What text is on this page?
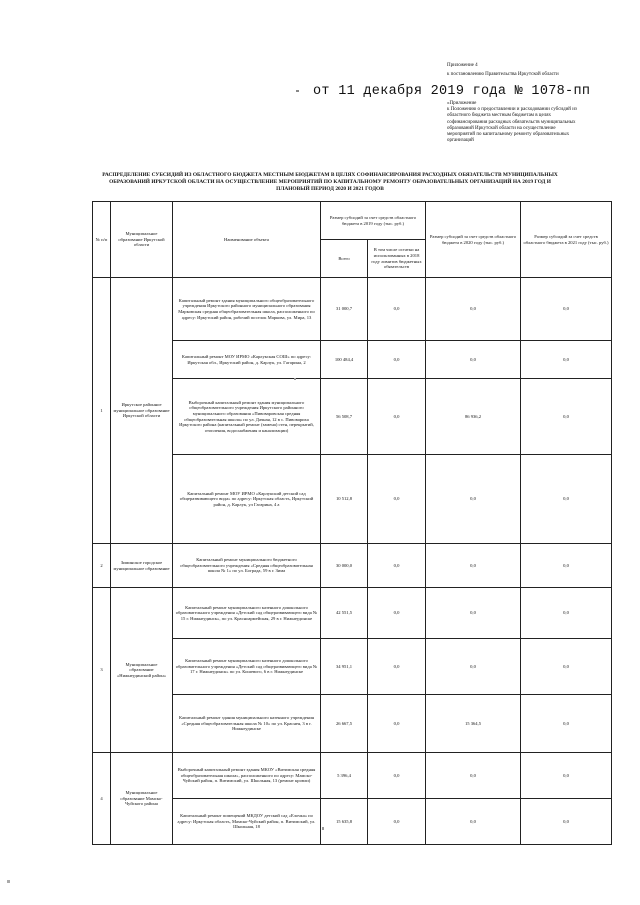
Приложение 4
к постановлению Правительства Иркутской области
от 11 декабря 2019 года № 1078-пп
«Приложение
к Положению о предоставлении и расходовании субсидий из
областного бюджета местным бюджетам в целях
софинансирования расходных обязательств муниципальных
образований Иркутской области на осуществление
мероприятий по капитальному ремонту образовательных
организаций
РАСПРЕДЕЛЕНИЕ СУБСИДИЙ ИЗ ОБЛАСТНОГО БЮДЖЕТА МЕСТНЫМ БЮДЖЕТАМ В ЦЕЛЯХ СОФИНАНСИРОВАНИЯ РАСХОДНЫХ ОБЯЗАТЕЛЬСТВ МУНИЦИПАЛЬНЫХ
ОБРАЗОВАНИЙ ИРКУТСКОЙ ОБЛАСТИ НА ОСУЩЕСТВЛЕНИЕ МЕРОПРИЯТИЙ ПО КАПИТАЛЬНОМУ РЕМОНТУ ОБРАЗОВАТЕЛЬНЫХ ОРГАНИЗАЦИЙ НА 2019 ГОД И
ПЛАНОВЫЙ ПЕРИОД 2020 И 2021 ГОДОВ
№ п/п	Муниципальное образование Иркутской области	Наименование объекта	Размер субсидий за счет средств областного бюджета в 2019 году (тыс. руб.)		Размер субсидий за счет средств областного бюджета в 2020 году (тыс. руб.)	Размер субсидий за счет средств областного бюджета в 2021 году (тыс. руб.)
			Всего	В том числе остатки на использованных в 2018 году лимитов бюджетных обязательств		
1	Иркутское районное муниципальное образование Иркутской области	Капитальный ремонт здания муниципального общеобразовательного учреждения Иркутского районного муниципального образования Марковская средняя общеобразовательная школа, расположенного по адресу: Иркутский район, рабочий поселок Маркова, ул. Мира, 13	31 000,7	0,0	0,0	0,0
		Капитальный ремонт МОУ ИРМО «Карлукская СОШ» по адресу: Иркутская обл., Иркутский район, д. Карлук, ул. Гагарина, 2	100 484,4	0,0	0,0	0,0
		Выборочный капитальный ремонт здания муниципального общеобразовательного учреждения Иркутского районного муниципального образования «Пивоваровская средняя общеобразовательная школа» по ул. Дачная, 12 в с. Пивовариха Иркутского района (капитальный ремонт (замена) стен, перекрытий, отопления, водоснабжения и канализации)	56 508,7	0,0	86 936,2	0,0
		Капитальный ремонт МОУ ИРМО «Карлукский детский сад общеразвивающего вида» по адресу: Иркутская область, Иркутский район, д. Карлук, ул Гагарина, 4 а	10 512,8	0,0	0,0	0,0
2	Зиминское городское муниципальное образование	Капитальный ремонт муниципального бюджетного общеобразовательного учреждения «Средняя общеобразовательная школа № 1» по ул. Бограда, 59 в г. Зима	30 000,0	0,0	0,0	0,0
3	Муниципальное образование «Нижнеудинский район»	Капитальный ремонт муниципального казенного дошкольного образовательного учреждения «Детский сад общеразвивающего вида № 15 г. Нижнеудинск», по ул. Красноармейская, 29 в г. Нижнеудинске	42 551,5	0,0	0,0	0,0
		Капитальный ремонт муниципального казенного дошкольного образовательного учреждения «Детский сад общеразвивающего вида № 17 г. Нижнеудинск» по ул. Кошевого, 6 в г. Нижнеудинске	34 951,1	0,0	0,0	0,0
		Капитальный ремонт здания муниципального казенного учреждения «Средняя общеобразовательная школа № 10» по ул. Краснея, 3 в г. Нижнеудинске	26 667,5	0,0	15 364,5	0,0
4	Муниципальное образование Мамско-Чуйского района	Выборочный капитальный ремонт здания МКОУ «Витимская средняя общеобразовательная школа», расположенного по адресу: Мамско-Чуйский район, п. Витимский, ул. Школьная, 13 (ремонт кровли)	5 396,4	0,0	0,0	0,0
		Капитальный ремонт помещений МКДОУ детский сад «Елочка» по адресу: Иркутская область, Мамско-Чуйский район, п. Витимский, ул. Школьная, 18	15 635,8	0,0	0,0	0,0
